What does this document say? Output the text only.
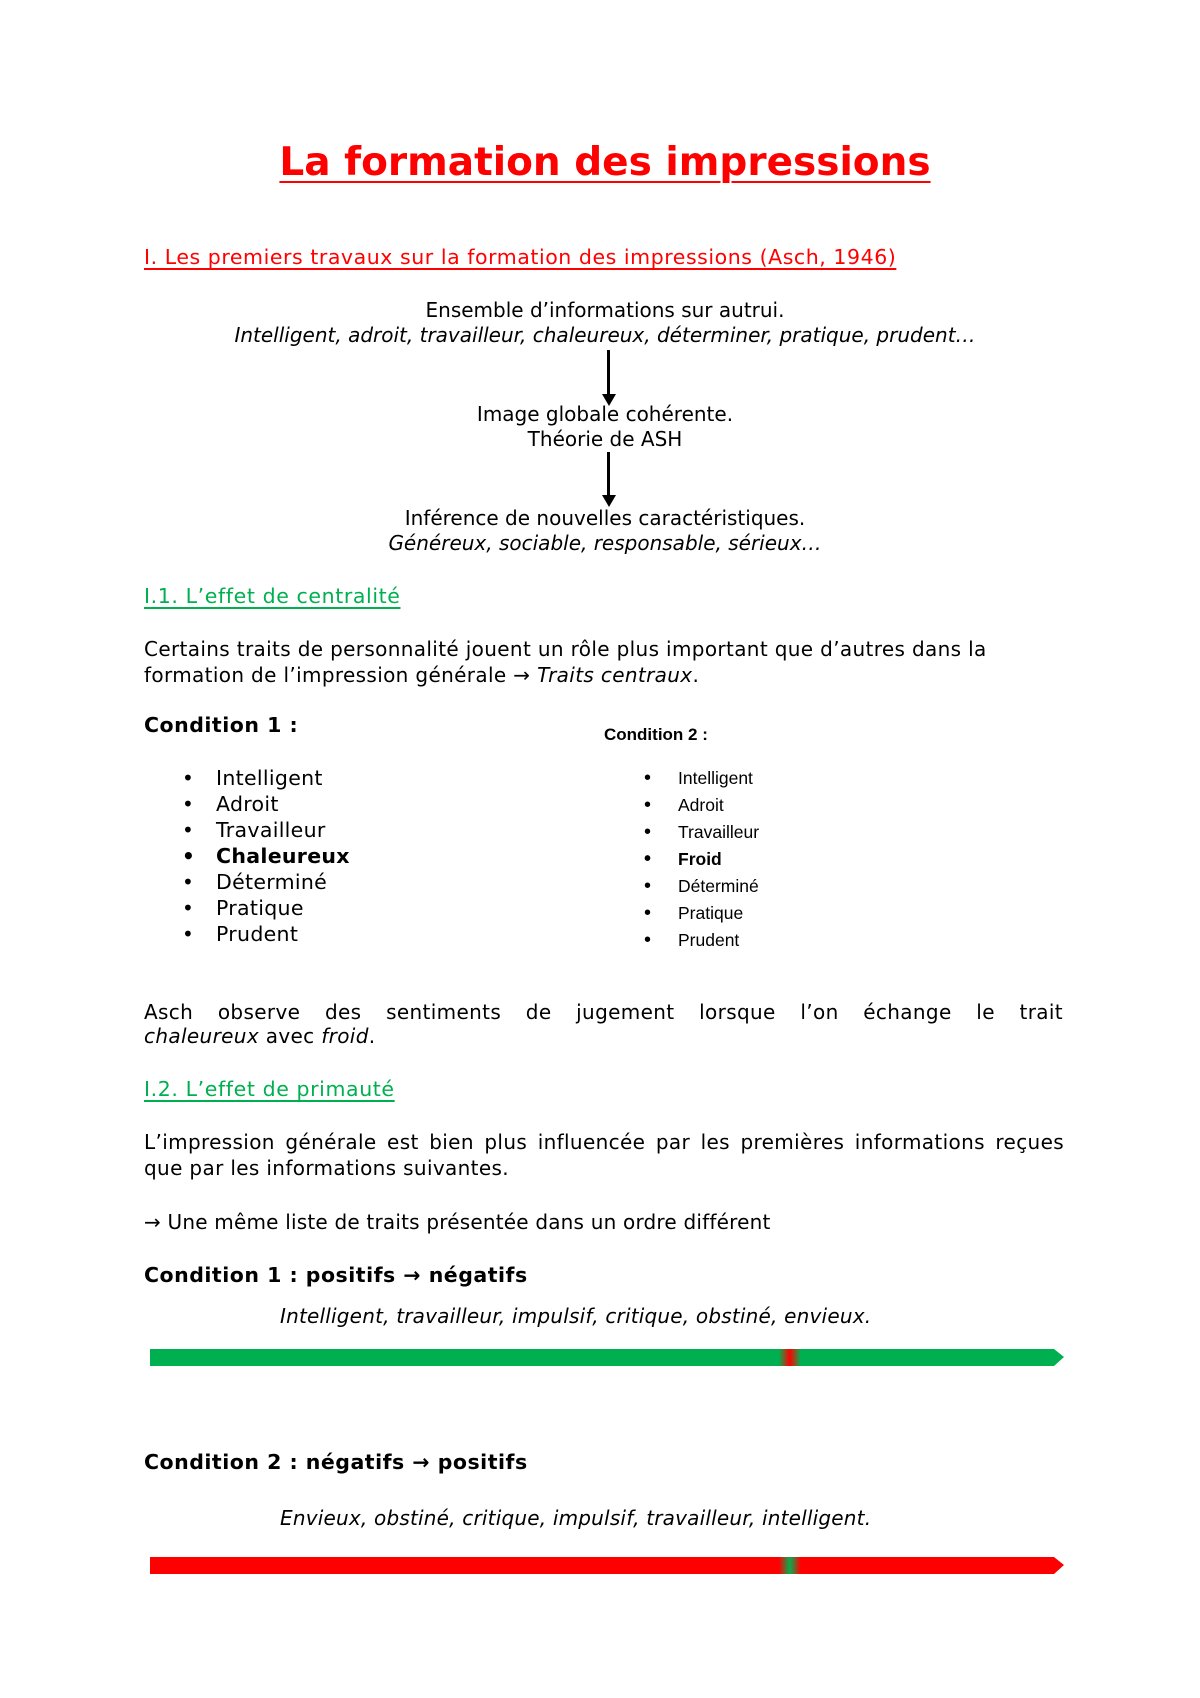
La formation des impressions
I. Les premiers travaux sur la formation des impressions (Asch, 1946)
Ensemble d’informations sur autrui.
Intelligent, adroit, travailleur, chaleureux, déterminer, pratique, prudent…
Image globale cohérente.
Théorie de ASH
Inférence de nouvelles caractéristiques.
Généreux, sociable, responsable, sérieux…
I.1. L’effet de centralité
Certains traits de personnalité jouent un rôle plus important que d’autres dans la formation de l’impression générale → Traits centraux.
Condition 1 :
• Intelligent
• Adroit
• Travailleur
• Chaleureux
• Déterminé
• Pratique
• Prudent
Condition 2 :
• Intelligent
• Adroit
• Travailleur
• Froid
• Déterminé
• Pratique
• Prudent
Asch observe des sentiments de jugement lorsque l’on échange le trait
chaleureux avec froid.
I.2. L’effet de primauté
L’impression générale est bien plus influencée par les premières informations reçues que par les informations suivantes.
→ Une même liste de traits présentée dans un ordre différent
Condition 1 : positifs → négatifs
Intelligent, travailleur, impulsif, critique, obstiné, envieux.
Condition 2 : négatifs → positifs
Envieux, obstiné, critique, impulsif, travailleur, intelligent.
